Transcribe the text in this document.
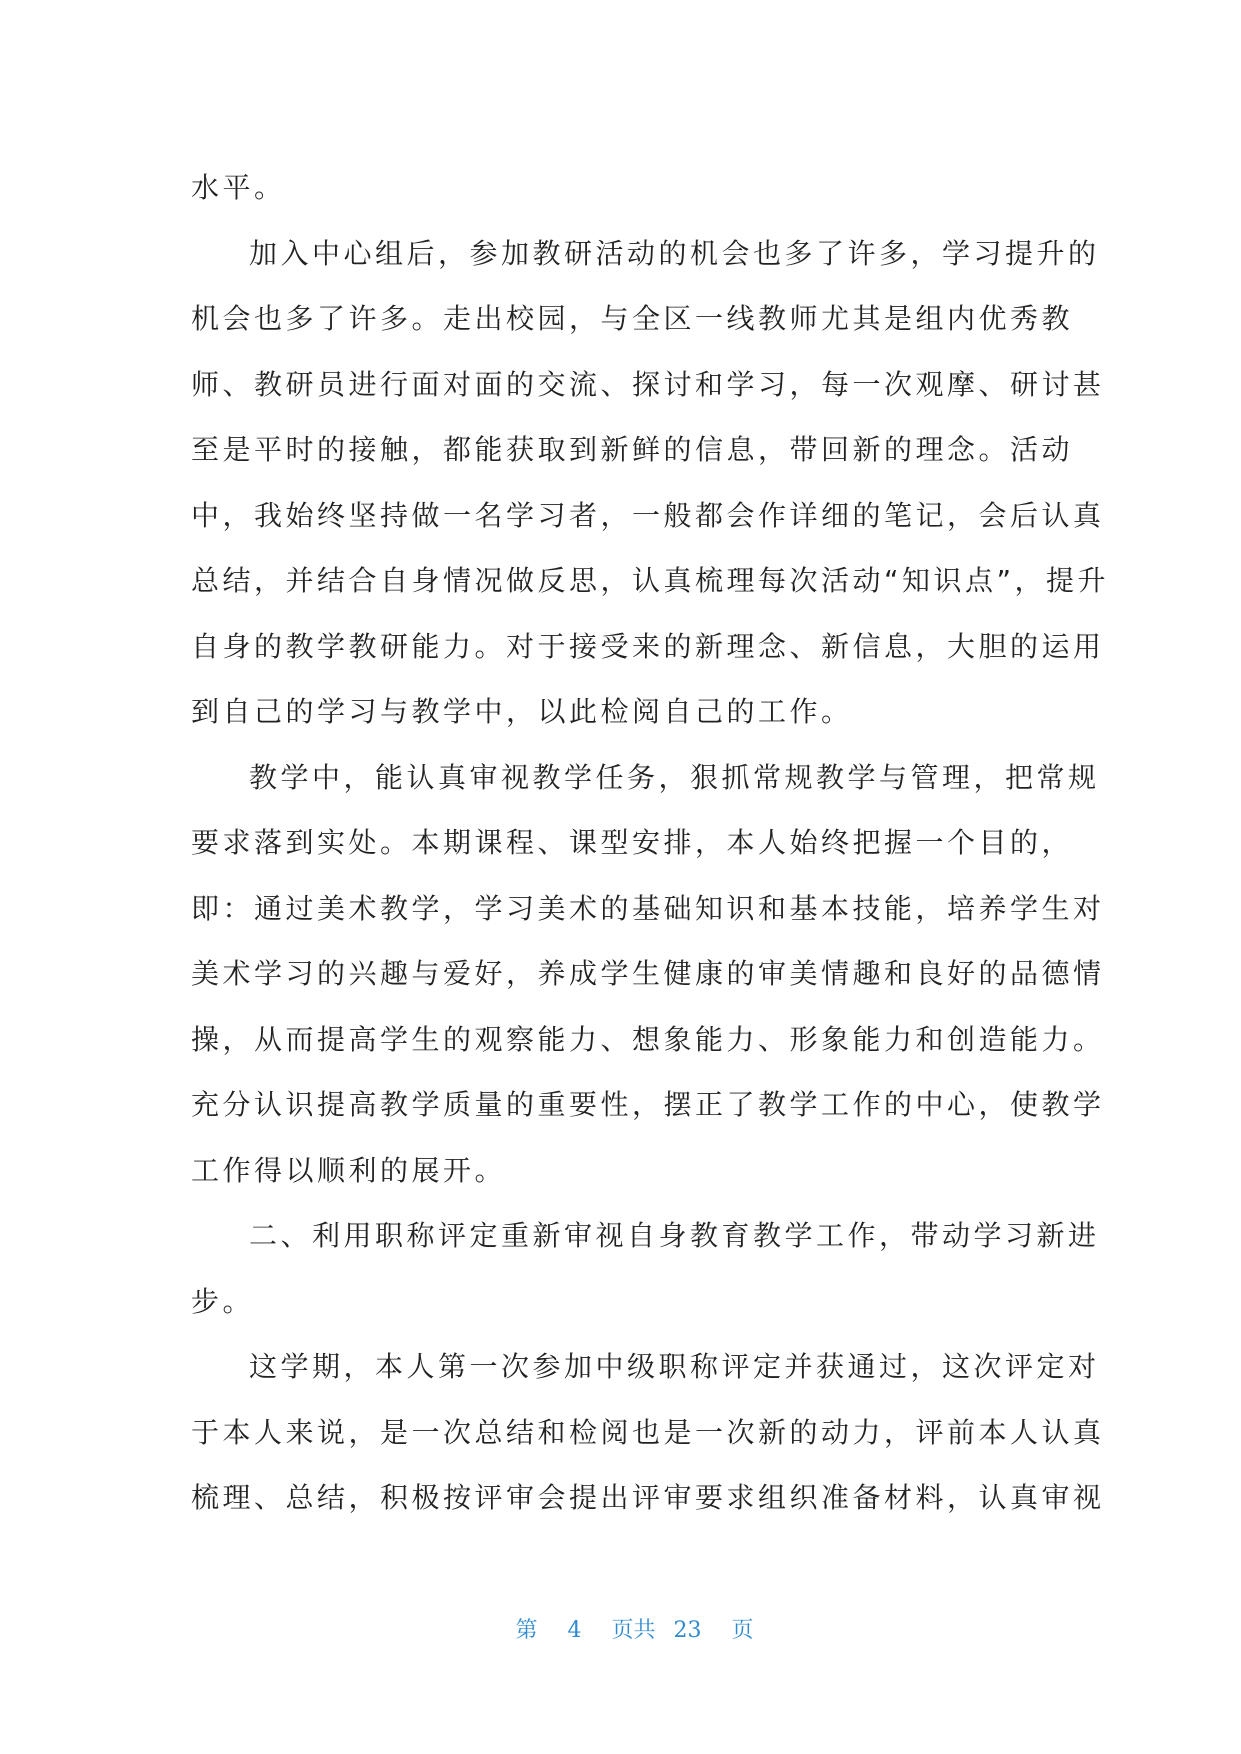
水平。
加入中心组后，参加教研活动的机会也多了许多，学习提升的
机会也多了许多。走出校园，与全区一线教师尤其是组内优秀教
师、教研员进行面对面的交流、探讨和学习，每一次观摩、研讨甚
至是平时的接触，都能获取到新鲜的信息，带回新的理念。活动
中，我始终坚持做一名学习者，一般都会作详细的笔记，会后认真
总结，并结合自身情况做反思，认真梳理每次活动“知识点”，提升
自身的教学教研能力。对于接受来的新理念、新信息，大胆的运用
到自己的学习与教学中，以此检阅自己的工作。
教学中，能认真审视教学任务，狠抓常规教学与管理，把常规
要求落到实处。本期课程、课型安排，本人始终把握一个目的，
即：通过美术教学，学习美术的基础知识和基本技能，培养学生对
美术学习的兴趣与爱好，养成学生健康的审美情趣和良好的品德情
操，从而提高学生的观察能力、想象能力、形象能力和创造能力。
充分认识提高教学质量的重要性，摆正了教学工作的中心，使教学
工作得以顺利的展开。
二、利用职称评定重新审视自身教育教学工作，带动学习新进
步。
这学期，本人第一次参加中级职称评定并获通过，这次评定对
于本人来说，是一次总结和检阅也是一次新的动力，评前本人认真
梳理、总结，积极按评审会提出评审要求组织准备材料，认真审视

第 4 页共 23 页
